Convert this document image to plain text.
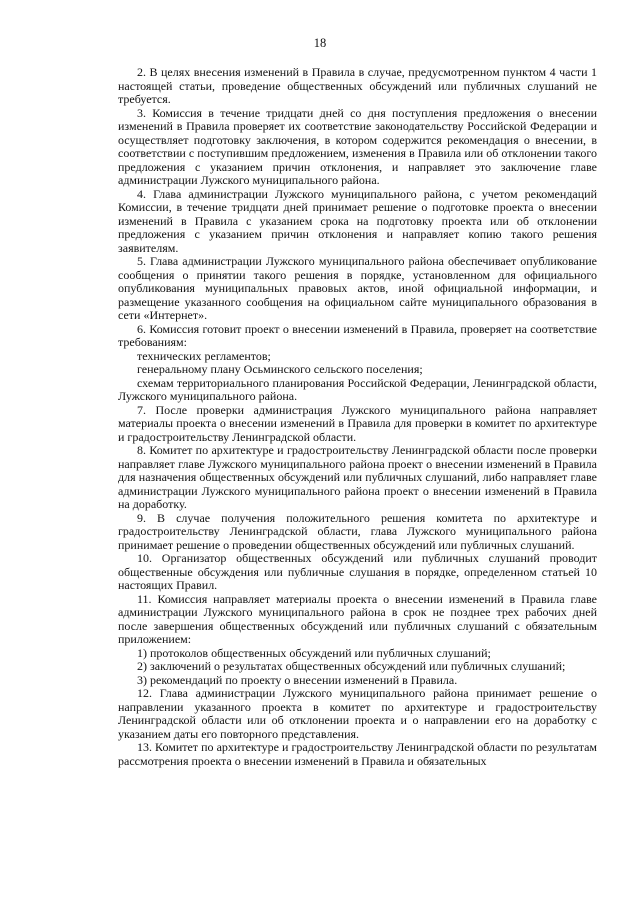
18

2. В целях внесения изменений в Правила в случае, предусмотренном пунктом 4 части 1 настоящей статьи, проведение общественных обсуждений или публичных слушаний не требуется.

3. Комиссия в течение тридцати дней со дня поступления предложения о внесении изменений в Правила проверяет их соответствие законодательству Российской Федерации и осуществляет подготовку заключения, в котором содержится рекомендация о внесении, в соответствии с поступившим предложением, изменения в Правила или об отклонении такого предложения с указанием причин отклонения, и направляет это заключение главе администрации Лужского муниципального района.

4. Глава администрации Лужского муниципального района, с учетом рекомендаций Комиссии, в течение тридцати дней принимает решение о подготовке проекта о внесении изменений в Правила с указанием срока на подготовку проекта или об отклонении предложения с указанием причин отклонения и направляет копию такого решения заявителям.

5. Глава администрации Лужского муниципального района обеспечивает опубликование сообщения о принятии такого решения в порядке, установленном для официального опубликования муниципальных правовых актов, иной официальной информации, и размещение указанного сообщения на официальном сайте муниципального образования в сети «Интернет».

6. Комиссия готовит проект о внесении изменений в Правила, проверяет на соответствие требованиям:

технических регламентов;

генеральному плану Осьминского сельского поселения;

схемам территориального планирования Российской Федерации, Ленинградской области, Лужского муниципального района.

7. После проверки администрация Лужского муниципального района направляет материалы проекта о внесении изменений в Правила для проверки в комитет по архитектуре и градостроительству Ленинградской области.

8. Комитет по архитектуре и градостроительству Ленинградской области после проверки направляет главе Лужского муниципального района проект о внесении изменений в Правила для назначения общественных обсуждений или публичных слушаний, либо направляет главе администрации Лужского муниципального района проект о внесении изменений в Правила на доработку.

9. В случае получения положительного решения комитета по архитектуре и градостроительству Ленинградской области, глава Лужского муниципального района принимает решение о проведении общественных обсуждений или публичных слушаний.

10. Организатор общественных обсуждений или публичных слушаний проводит общественные обсуждения или публичные слушания в порядке, определенном статьей 10 настоящих Правил.

11. Комиссия направляет материалы проекта о внесении изменений в Правила главе администрации Лужского муниципального района в срок не позднее трех рабочих дней после завершения общественных обсуждений или публичных слушаний с обязательным приложением:

1) протоколов общественных обсуждений или публичных слушаний;

2) заключений о результатах общественных обсуждений или публичных слушаний;

3) рекомендаций по проекту о внесении изменений в Правила.

12. Глава администрации Лужского муниципального района принимает решение о направлении указанного проекта в комитет по архитектуре и градостроительству Ленинградской области или об отклонении проекта и о направлении его на доработку с указанием даты его повторного представления.

13. Комитет по архитектуре и градостроительству Ленинградской области по результатам рассмотрения проекта о внесении изменений в Правила и обязательных
